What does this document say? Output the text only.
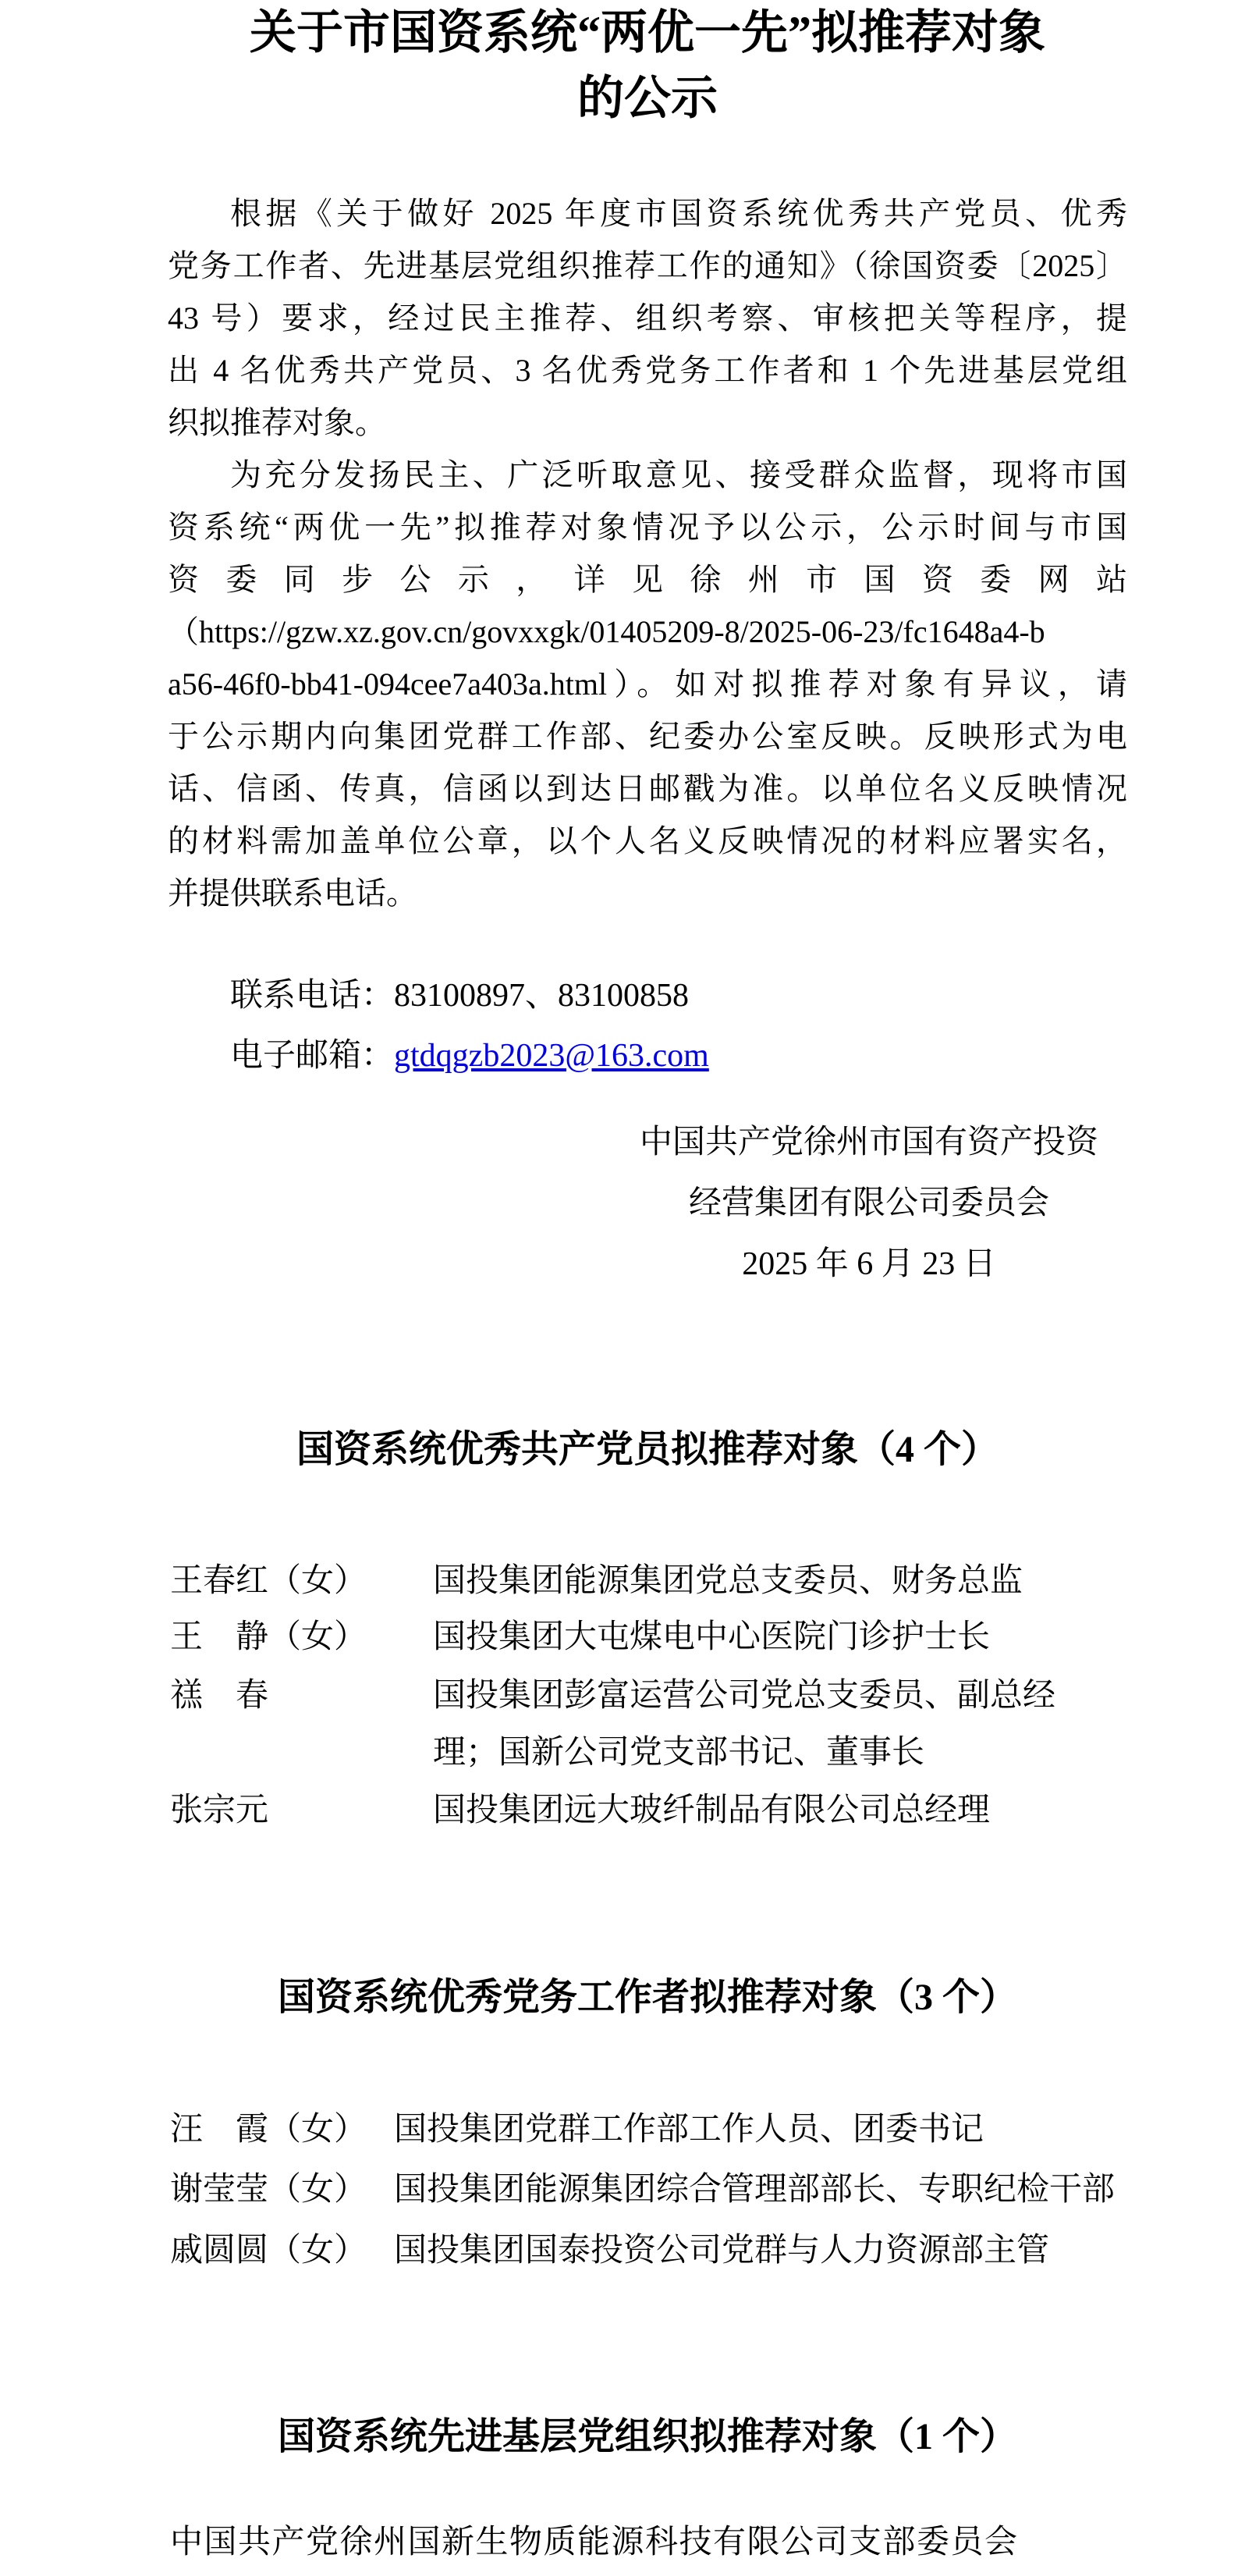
关于市国资系统“两优一先”拟推荐对象
的公示
根据《关于做好 2025 年度市国资系统优秀共产党员、优秀
党务工作者、先进基层党组织推荐工作的通知》（徐国资委〔2025〕
43 号）要求，经过民主推荐、组织考察、审核把关等程序，提
出 4 名优秀共产党员、3 名优秀党务工作者和 1 个先进基层党组
织拟推荐对象。
为充分发扬民主、广泛听取意见、接受群众监督，现将市国
资系统“两优一先”拟推荐对象情况予以公示，公示时间与市国
资委同步公示，详见徐州市国资委网站
（https://gzw.xz.gov.cn/govxxgk/01405209-8/2025-06-23/fc1648a4-b
a56-46f0-bb41-094cee7a403a.html）。如对拟推荐对象有异议，请
于公示期内向集团党群工作部、纪委办公室反映。反映形式为电
话、信函、传真，信函以到达日邮戳为准。以单位名义反映情况
的材料需加盖单位公章，以个人名义反映情况的材料应署实名，
并提供联系电话。
联系电话：83100897、83100858
电子邮箱：gtdqgzb2023@163.com
中国共产党徐州市国有资产投资
经营集团有限公司委员会
2025 年 6 月 23 日
国资系统优秀共产党员拟推荐对象（4 个）
王春红（女） 国投集团能源集团党总支委员、财务总监
王　静（女） 国投集团大屯煤电中心医院门诊护士长
禚　春	国投集团彭富运营公司党总支委员、副总经
理；国新公司党支部书记、董事长
张宗元	国投集团远大玻纤制品有限公司总经理
国资系统优秀党务工作者拟推荐对象（3 个）
汪　霞（女） 国投集团党群工作部工作人员、团委书记
谢莹莹（女） 国投集团能源集团综合管理部部长、专职纪检干部
戚圆圆（女） 国投集团国泰投资公司党群与人力资源部主管
国资系统先进基层党组织拟推荐对象（1 个）
中国共产党徐州国新生物质能源科技有限公司支部委员会
